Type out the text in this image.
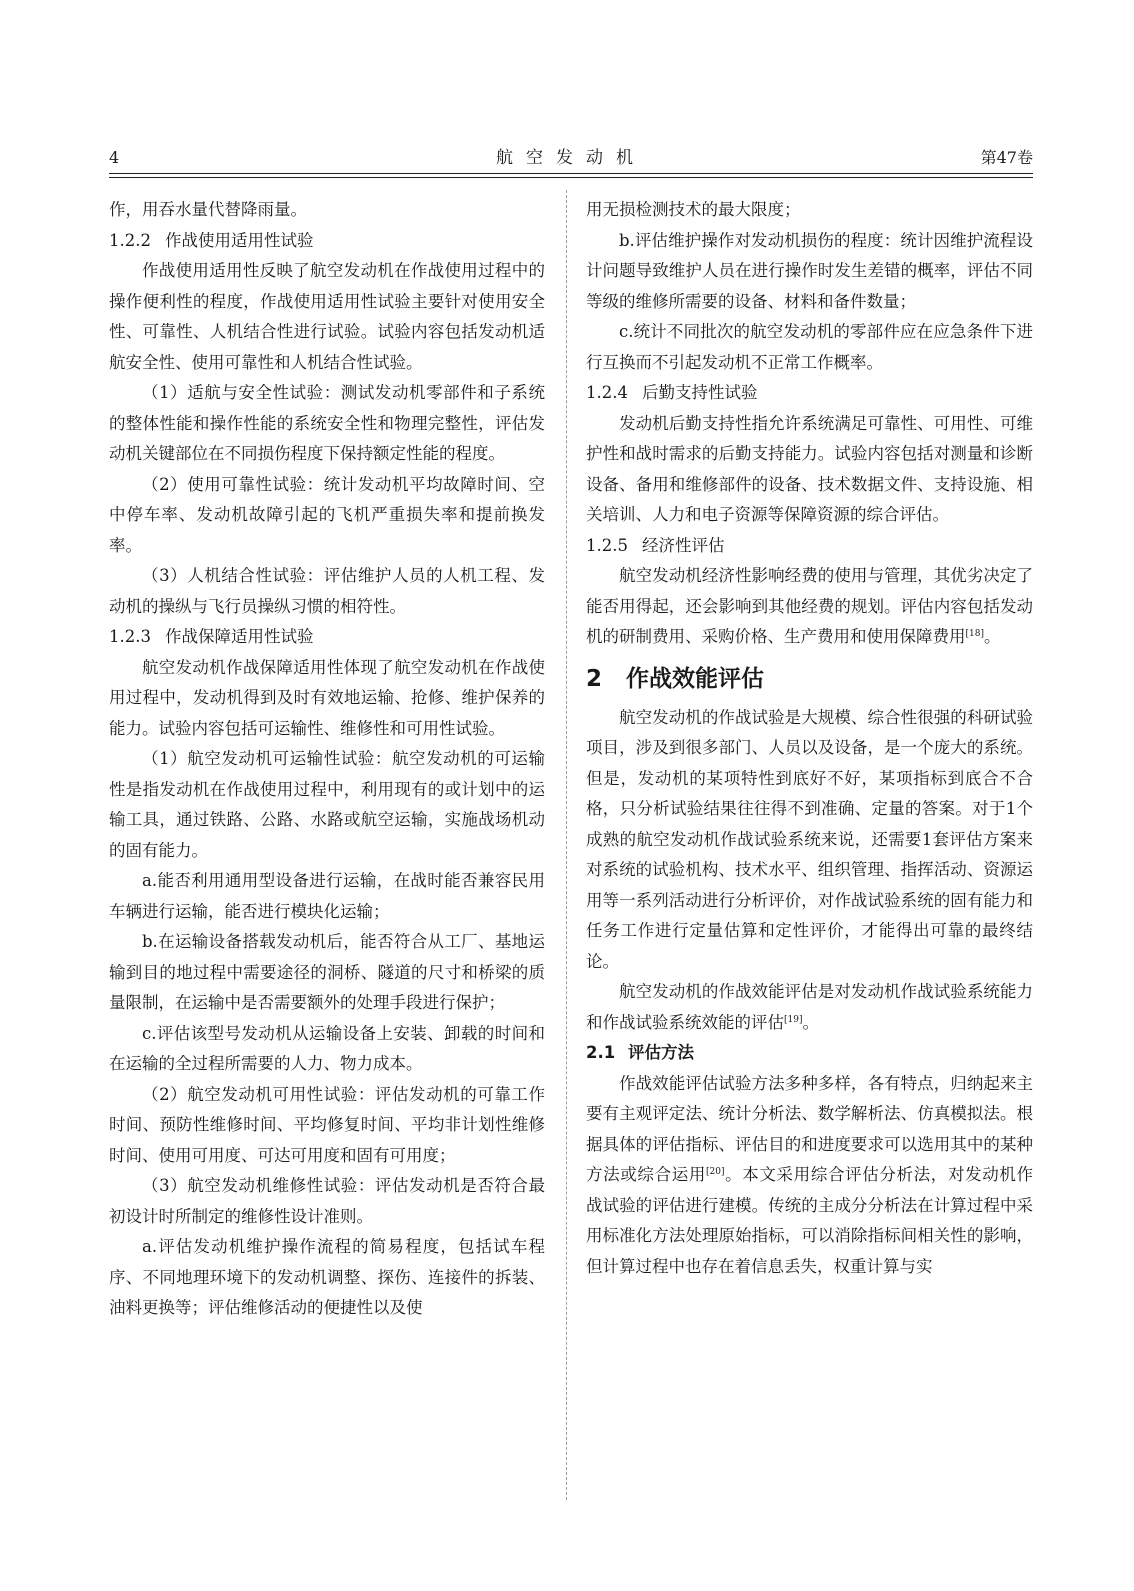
4	航空发动机	第47卷

作，用吞水量代替降雨量。

1.2.2 作战使用适用性试验

作战使用适用性反映了航空发动机在作战使用过程中的操作便利性的程度，作战使用适用性试验主要针对使用安全性、可靠性、人机结合性进行试验。试验内容包括发动机适航安全性、使用可靠性和人机结合性试验。

（1）适航与安全性试验：测试发动机零部件和子系统的整体性能和操作性能的系统安全性和物理完整性，评估发动机关键部位在不同损伤程度下保持额定性能的程度。

（2）使用可靠性试验：统计发动机平均故障时间、空中停车率、发动机故障引起的飞机严重损失率和提前换发率。

（3）人机结合性试验：评估维护人员的人机工程、发动机的操纵与飞行员操纵习惯的相符性。

1.2.3 作战保障适用性试验

航空发动机作战保障适用性体现了航空发动机在作战使用过程中，发动机得到及时有效地运输、抢修、维护保养的能力。试验内容包括可运输性、维修性和可用性试验。

（1）航空发动机可运输性试验：航空发动机的可运输性是指发动机在作战使用过程中，利用现有的或计划中的运输工具，通过铁路、公路、水路或航空运输，实施战场机动的固有能力。

a.能否利用通用型设备进行运输，在战时能否兼容民用车辆进行运输，能否进行模块化运输；

b.在运输设备搭载发动机后，能否符合从工厂、基地运输到目的地过程中需要途径的洞桥、隧道的尺寸和桥梁的质量限制，在运输中是否需要额外的处理手段进行保护；

c.评估该型号发动机从运输设备上安装、卸载的时间和在运输的全过程所需要的人力、物力成本。

（2）航空发动机可用性试验：评估发动机的可靠工作时间、预防性维修时间、平均修复时间、平均非计划性维修时间、使用可用度、可达可用度和固有可用度；

（3）航空发动机维修性试验：评估发动机是否符合最初设计时所制定的维修性设计准则。

a.评估发动机维护操作流程的简易程度，包括试车程序、不同地理环境下的发动机调整、探伤、连接件的拆装、油料更换等；评估维修活动的便捷性以及使

用无损检测技术的最大限度；

b.评估维护操作对发动机损伤的程度：统计因维护流程设计问题导致维护人员在进行操作时发生差错的概率，评估不同等级的维修所需要的设备、材料和备件数量；

c.统计不同批次的航空发动机的零部件应在应急条件下进行互换而不引起发动机不正常工作概率。

1.2.4 后勤支持性试验

发动机后勤支持性指允许系统满足可靠性、可用性、可维护性和战时需求的后勤支持能力。试验内容包括对测量和诊断设备、备用和维修部件的设备、技术数据文件、支持设施、相关培训、人力和电子资源等保障资源的综合评估。

1.2.5 经济性评估

航空发动机经济性影响经费的使用与管理，其优劣决定了能否用得起，还会影响到其他经费的规划。评估内容包括发动机的研制费用、采购价格、生产费用和使用保障费用[18]。

2 作战效能评估

航空发动机的作战试验是大规模、综合性很强的科研试验项目，涉及到很多部门、人员以及设备，是一个庞大的系统。但是，发动机的某项特性到底好不好，某项指标到底合不合格，只分析试验结果往往得不到准确、定量的答案。对于1个成熟的航空发动机作战试验系统来说，还需要1套评估方案来对系统的试验机构、技术水平、组织管理、指挥活动、资源运用等一系列活动进行分析评价，对作战试验系统的固有能力和任务工作进行定量估算和定性评价，才能得出可靠的最终结论。

航空发动机的作战效能评估是对发动机作战试验系统能力和作战试验系统效能的评估[19]。

2.1 评估方法

作战效能评估试验方法多种多样，各有特点，归纳起来主要有主观评定法、统计分析法、数学解析法、仿真模拟法。根据具体的评估指标、评估目的和进度要求可以选用其中的某种方法或综合运用[20]。本文采用综合评估分析法，对发动机作战试验的评估进行建模。传统的主成分分析法在计算过程中采用标准化方法处理原始指标，可以消除指标间相关性的影响，但计算过程中也存在着信息丢失，权重计算与实
